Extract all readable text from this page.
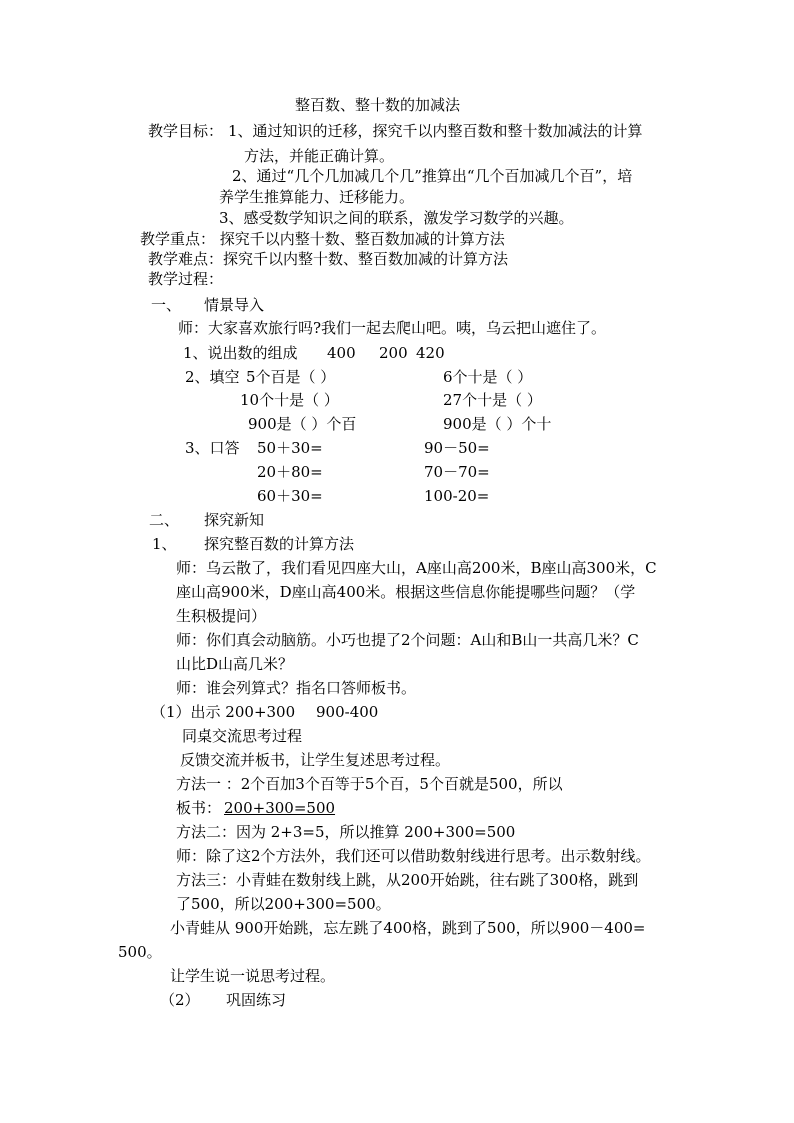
整百数、整十数的加减法
教学目标： 1、通过知识的迁移，探究千以内整百数和整十数加减法的计算
方法，并能正确计算。
2、通过“几个几加减几个几”推算出“几个百加减几个百”，培
养学生推算能力、迁移能力。
3、感受数学知识之间的联系，激发学习数学的兴趣。
教学重点： 探究千以内整十数、整百数加减的计算方法
教学难点：探究千以内整十数、整百数加减的计算方法
教学过程：
一、 情景导入
师：大家喜欢旅行吗?我们一起去爬山吧。咦，乌云把山遮住了。
1、说出数的组成 400 200 420
2、填空 5个百是（ ）	6个十是（ ）
10个十是（ ）	27个十是（ ）
900是（ ）个百	900是（ ）个十
3、口答 50＋30=	90－50=
20＋80=	70－70=
60＋30=	100-20=
二、 探究新知
1、 探究整百数的计算方法
师：乌云散了，我们看见四座大山，A座山高200米，B座山高300米，C
座山高900米，D座山高400米。根据这些信息你能提哪些问题？（学
生积极提问）
师：你们真会动脑筋。小巧也提了2个问题：A山和B山一共高几米？C
山比D山高几米？
师：谁会列算式？指名口答师板书。
（1）出示 200+300 900-400
同桌交流思考过程
反馈交流并板书，让学生复述思考过程。
方法一 ：2个百加3个百等于5个百，5个百就是500，所以
板书： 200+300=500
方法二：因为 2+3=5，所以推算 200+300=500
师：除了这2个方法外，我们还可以借助数射线进行思考。出示数射线。
方法三：小青蛙在数射线上跳，从200开始跳，往右跳了300格，跳到
了500，所以200+300=500。
小青蛙从 900开始跳，忘左跳了400格，跳到了500，所以900－400=
500。
让学生说一说思考过程。
（2） 巩固练习
